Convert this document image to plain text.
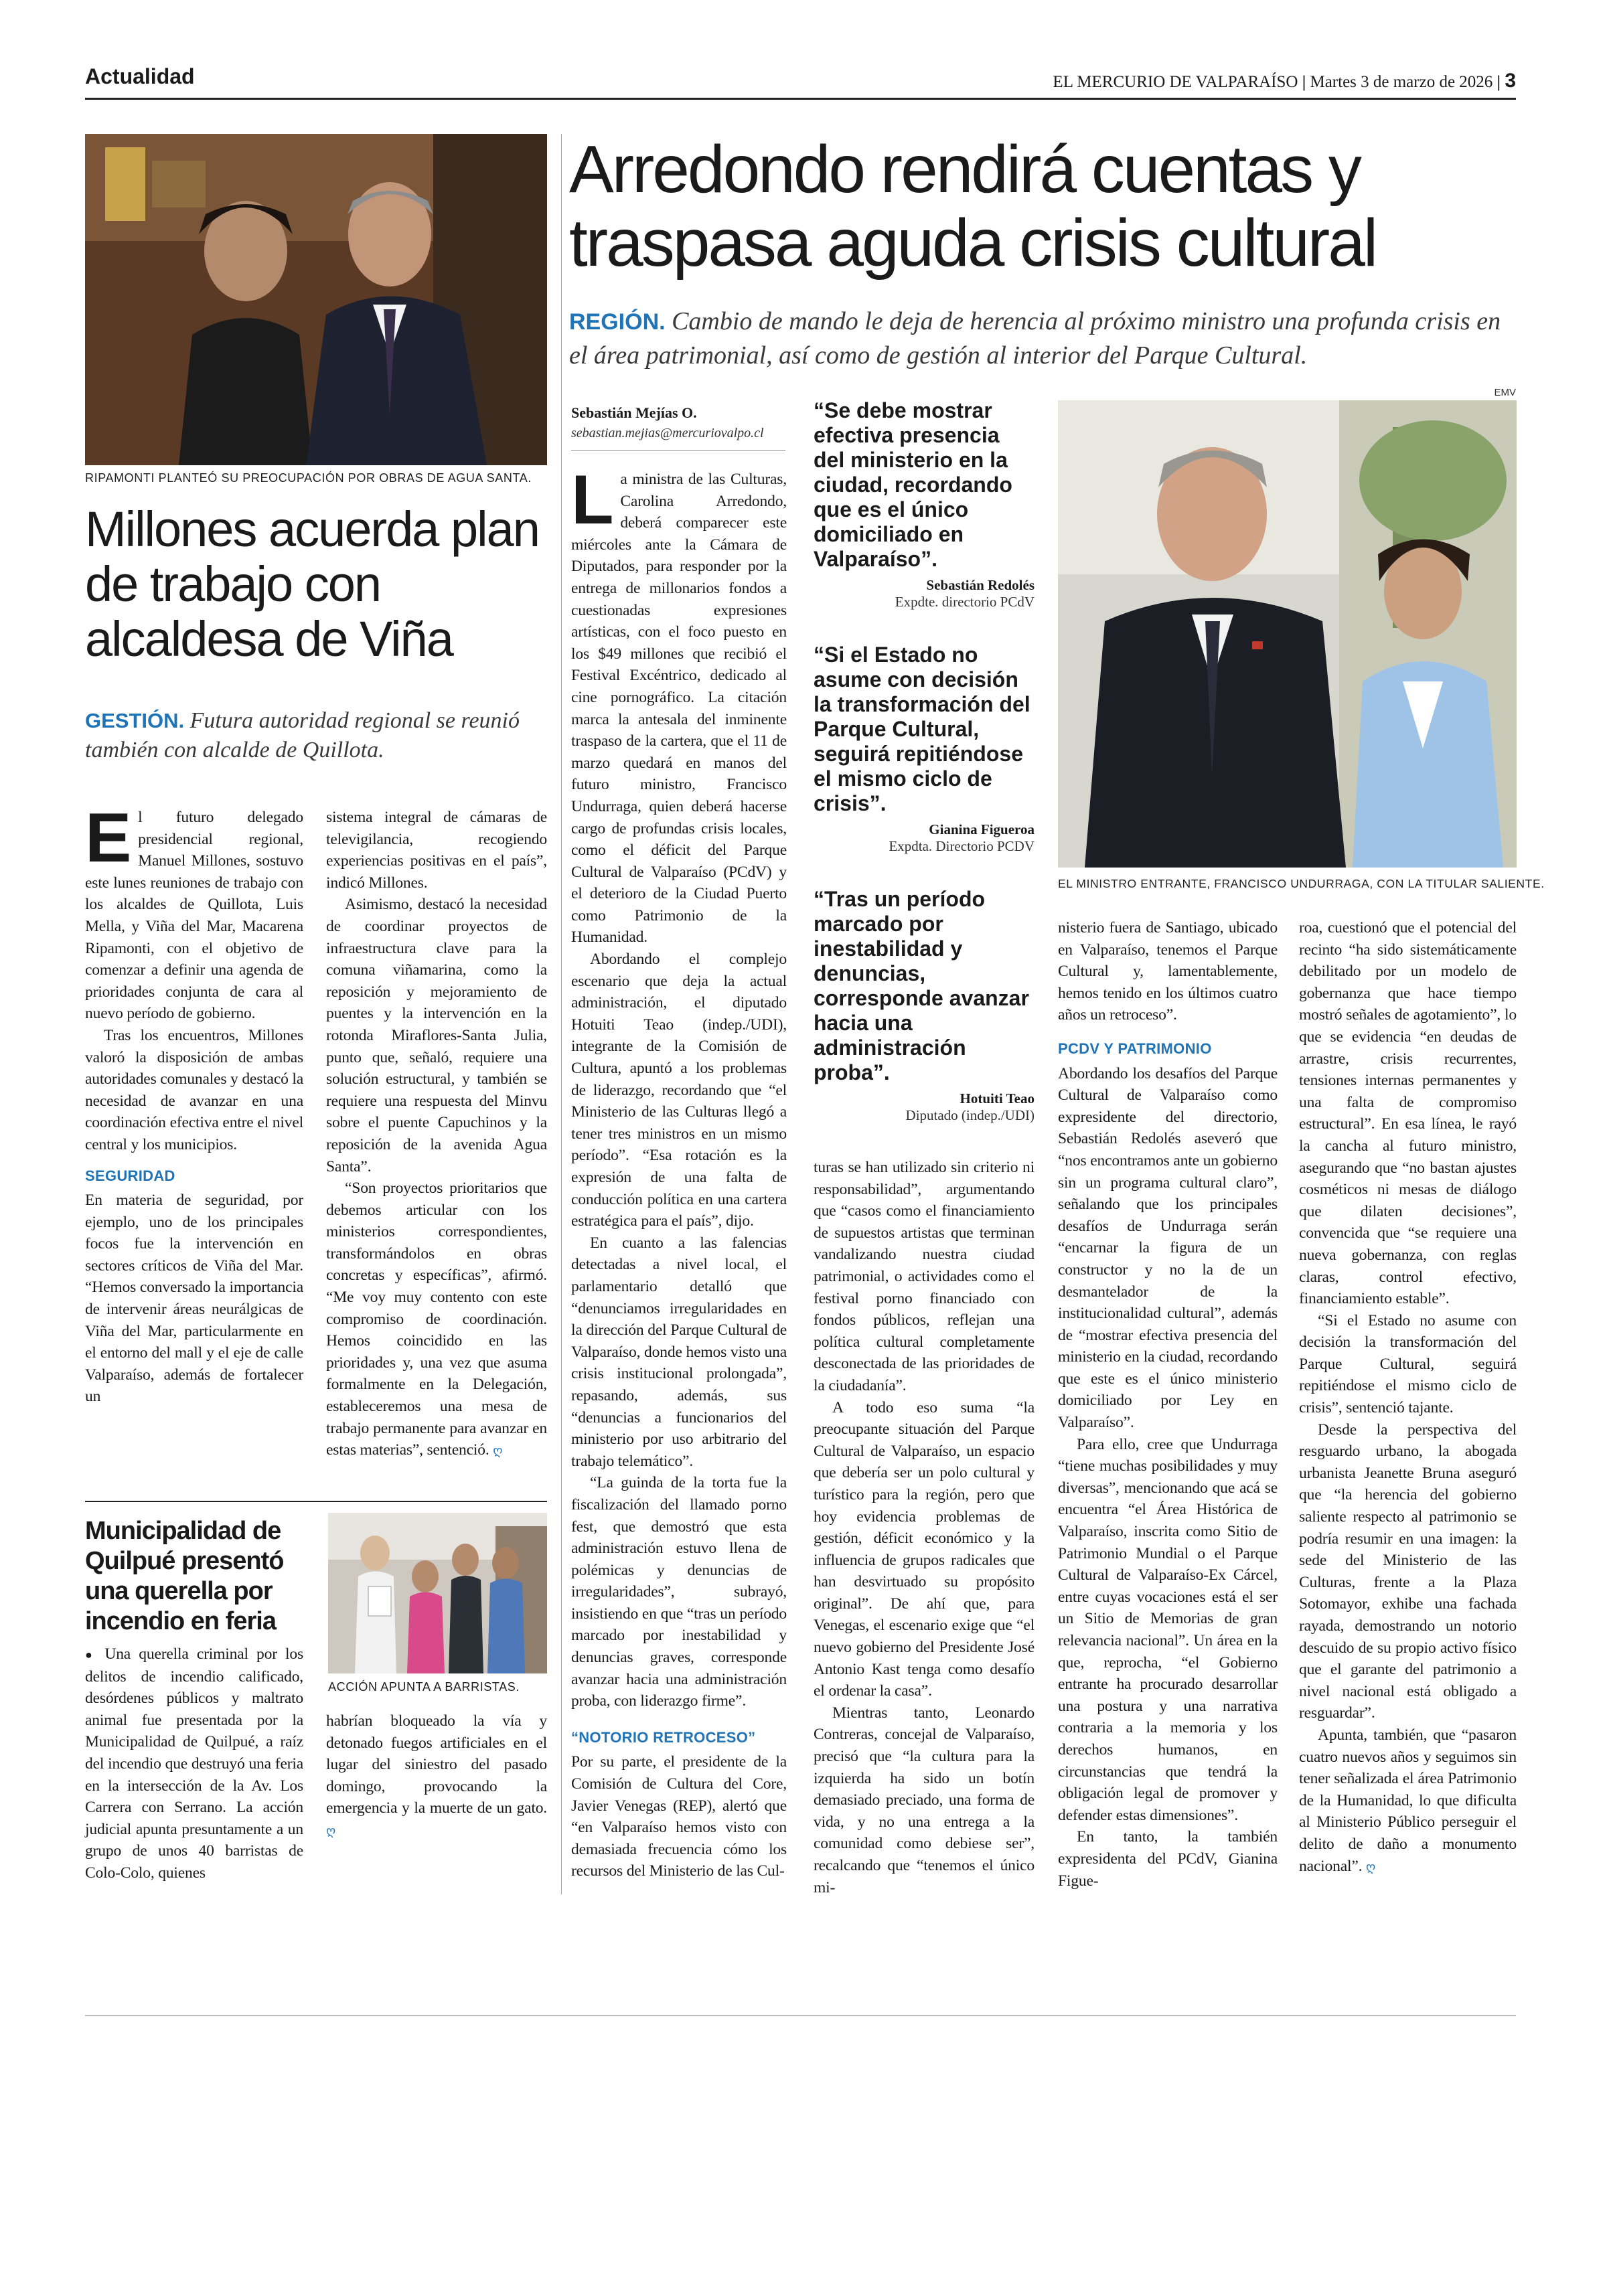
Actualidad	EL MERCURIO DE VALPARAÍSO | Martes 3 de marzo de 2026 | 3
RIPAMONTI PLANTEÓ SU PREOCUPACIÓN POR OBRAS DE AGUA SANTA.
Millones acuerda plan de trabajo con alcaldesa de Viña
GESTIÓN. Futura autoridad regional se reunió también con alcalde de Quillota.
E l futuro delegado presidencial regional, Manuel Millones, sostuvo este lunes reuniones de trabajo con los alcaldes de Quillota, Luis Mella, y Viña del Mar, Macarena Ripamonti, con el objetivo de comenzar a definir una agenda de prioridades conjunta de cara al nuevo período de gobierno.

Tras los encuentros, Millones valoró la disposición de ambas autoridades comunales y destacó la necesidad de avanzar en una coordinación efectiva entre el nivel central y los municipios.

SEGURIDAD

En materia de seguridad, por ejemplo, uno de los principales focos fue la intervención en sectores críticos de Viña del Mar. “Hemos conversado la importancia de intervenir áreas neurálgicas de Viña del Mar, particularmente en el entorno del mall y el eje de calle Valparaíso, además de fortalecer un

sistema integral de cámaras de televigilancia, recogiendo experiencias positivas en el país”, indicó Millones.

Asimismo, destacó la necesidad de coordinar proyectos de infraestructura clave para la comuna viñamarina, como la reposición y mejoramiento de puentes y la intervención en la rotonda Miraflores-Santa Julia, punto que, señaló, requiere una solución estructural, y también se requiere una respuesta del Minvu sobre el puente Capuchinos y la reposición de la avenida Agua Santa”.

“Son proyectos prioritarios que debemos articular con los ministerios correspondientes, transformándolos en obras concretas y específicas”, afirmó. “Me voy muy contento con este compromiso de coordinación. Hemos coincidido en las prioridades y, una vez que asuma formalmente en la Delegación, estableceremos una mesa de trabajo permanente para avanzar en estas materias”, sentenció. ღ

Municipalidad de Quilpué presentó una querella por incendio en feria
ACCIÓN APUNTA A BARRISTAS.

● Una querella criminal por los delitos de incendio calificado, desórdenes públicos y maltrato animal fue presentada por la Municipalidad de Quilpué, a raíz del incendio que destruyó una feria en la intersección de la Av. Los Carrera con Serrano. La acción judicial apunta presuntamente a un grupo de unos 40 barristas de Colo-Colo, quienes

habrían bloqueado la vía y detonado fuegos artificiales en el lugar del siniestro del pasado domingo, provocando la emergencia y la muerte de un gato. ღ

Arredondo rendirá cuentas y traspasa aguda crisis cultural
REGIÓN. Cambio de mando le deja de herencia al próximo ministro una profunda crisis en el área patrimonial, así como de gestión al interior del Parque Cultural.
Sebastián Mejías O.
sebastian.mejias@mercuriovalpo.cl
L a ministra de las Culturas, Carolina Arredondo, deberá comparecer este miércoles ante la Cámara de Diputados, para responder por la entrega de millonarios fondos a cuestionadas expresiones artísticas, con el foco puesto en los $49 millones que recibió el Festival Excéntrico, dedicado al cine pornográfico. La citación marca la antesala del inminente traspaso de la cartera, que el 11 de marzo quedará en manos del futuro ministro, Francisco Undurraga, quien deberá hacerse cargo de profundas crisis locales, como el déficit del Parque Cultural de Valparaíso (PCdV) y el deterioro de la Ciudad Puerto como Patrimonio de la Humanidad.

Abordando el complejo escenario que deja la actual administración, el diputado Hotuiti Teao (indep./UDI), integrante de la Comisión de Cultura, apuntó a los problemas de liderazgo, recordando que “el Ministerio de las Culturas llegó a tener tres ministros en un mismo período”. “Esa rotación es la expresión de una falta de conducción política en una cartera estratégica para el país”, dijo.

En cuanto a las falencias detectadas a nivel local, el parlamentario detalló que “denunciamos irregularidades en la dirección del Parque Cultural de Valparaíso, donde hemos visto una crisis institucional prolongada”, repasando, además, sus “denuncias a funcionarios del ministerio por uso arbitrario del trabajo telemático”.

“La guinda de la torta fue la fiscalización del llamado porno fest, que demostró que esta administración estuvo llena de polémicas y denuncias de irregularidades”, subrayó, insistiendo en que “tras un período marcado por inestabilidad y denuncias graves, corresponde avanzar hacia una administración proba, con liderazgo firme”.

“NOTORIO RETROCESO”

Por su parte, el presidente de la Comisión de Cultura del Core, Javier Venegas (REP), alertó que “en Valparaíso hemos visto con demasiada frecuencia cómo los recursos del Ministerio de las Cul-

“Se debe mostrar efectiva presencia del ministerio en la ciudad, recordando que es el único domiciliado en Valparaíso”.
Sebastián Redolés
Expdte. directorio PCdV
“Si el Estado no asume con decisión la transformación del Parque Cultural, seguirá repitiéndose el mismo ciclo de crisis”.
Gianina Figueroa
Expdta. Directorio PCDV
“Tras un período marcado por inestabilidad y denuncias, corresponde avanzar hacia una administración proba”.
Hotuiti Teao
Diputado (indep./UDI)

turas se han utilizado sin criterio ni responsabilidad”, argumentando que “casos como el financiamiento de supuestos artistas que terminan vandalizando nuestra ciudad patrimonial, o actividades como el festival porno financiado con fondos públicos, reflejan una política cultural completamente desconectada de las prioridades de la ciudadanía”.

A todo eso suma “la preocupante situación del Parque Cultural de Valparaíso, un espacio que debería ser un polo cultural y turístico para la región, pero que hoy evidencia problemas de gestión, déficit económico y la influencia de grupos radicales que han desvirtuado su propósito original”. De ahí que, para Venegas, el escenario exige que “el nuevo gobierno del Presidente José Antonio Kast tenga como desafío el ordenar la casa”.

Mientras tanto, Leonardo Contreras, concejal de Valparaíso, precisó que “la cultura para la izquierda ha sido un botín demasiado preciado, una forma de vida, y no una entrega a la comunidad como debiese ser”, recalcando que “tenemos el único mi-

EMV
EL MINISTRO ENTRANTE, FRANCISCO UNDURRAGA, CON LA TITULAR SALIENTE.

nisterio fuera de Santiago, ubicado en Valparaíso, tenemos el Parque Cultural y, lamentablemente, hemos tenido en los últimos cuatro años un retroceso”.

PCDV Y PATRIMONIO

Abordando los desafíos del Parque Cultural de Valparaíso como expresidente del directorio, Sebastián Redolés aseveró que “nos encontramos ante un gobierno sin un programa cultural claro”, señalando que los principales desafíos de Undurraga serán “encarnar la figura de un constructor y no la de un desmantelador de la institucionalidad cultural”, además de “mostrar efectiva presencia del ministerio en la ciudad, recordando que este es el único ministerio domiciliado por Ley en Valparaíso”.

Para ello, cree que Undurraga “tiene muchas posibilidades y muy diversas”, mencionando que acá se encuentra “el Área Histórica de Valparaíso, inscrita como Sitio de Patrimonio Mundial o el Parque Cultural de Valparaíso-Ex Cárcel, entre cuyas vocaciones está el ser un Sitio de Memorias de gran relevancia nacional”. Un área en la que, reprocha, “el Gobierno entrante ha procurado desarrollar una postura y una narrativa contraria a la memoria y los derechos humanos, en circunstancias que tendrá la obligación legal de promover y defender estas dimensiones”.

En tanto, la también expresidenta del PCdV, Gianina Figue-

roa, cuestionó que el potencial del recinto “ha sido sistemáticamente debilitado por un modelo de gobernanza que hace tiempo mostró señales de agotamiento”, lo que se evidencia “en deudas de arrastre, crisis recurrentes, tensiones internas permanentes y una falta de compromiso estructural”. En esa línea, le rayó la cancha al futuro ministro, asegurando que “no bastan ajustes cosméticos ni mesas de diálogo que dilaten decisiones”, convencida que “se requiere una nueva gobernanza, con reglas claras, control efectivo, financiamiento estable”.

“Si el Estado no asume con decisión la transformación del Parque Cultural, seguirá repitiéndose el mismo ciclo de crisis”, sentenció tajante.

Desde la perspectiva del resguardo urbano, la abogada urbanista Jeanette Bruna aseguró que “la herencia del gobierno saliente respecto al patrimonio se podría resumir en una imagen: la sede del Ministerio de las Culturas, frente a la Plaza Sotomayor, exhibe una fachada rayada, demostrando un notorio descuido de su propio activo físico que el garante del patrimonio a nivel nacional está obligado a resguardar”.

Apunta, también, que “pasaron cuatro nuevos años y seguimos sin tener señalizada el área Patrimonio de la Humanidad, lo que dificulta al Ministerio Público perseguir el delito de daño a monumento nacional”. ღ
